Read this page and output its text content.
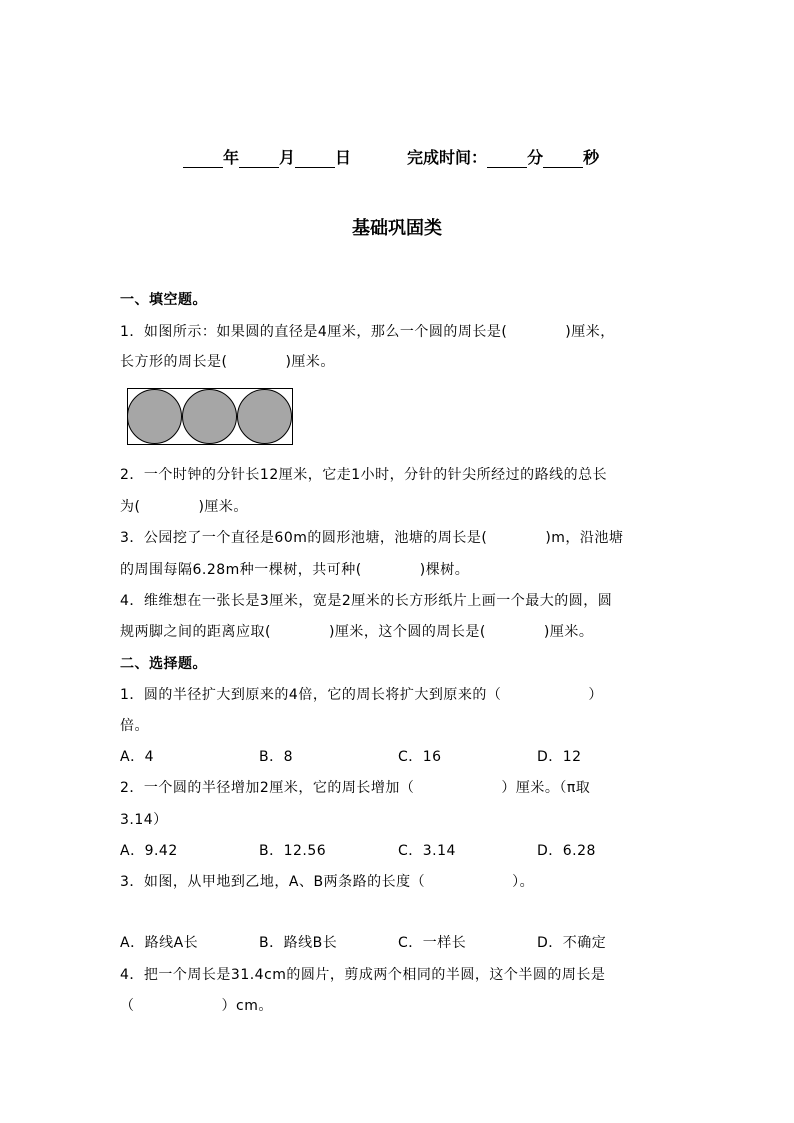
年	月	日	完成时间：	分	秒
基础巩固类
一、填空题。
1．如图所示：如果圆的直径是4厘米，那么一个圆的周长是(　　　　)厘米，
长方形的周长是(　　　　)厘米。
2．一个时钟的分针长12厘米，它走1小时，分针的针尖所经过的路线的总长
为(　　　　)厘米。
3．公园挖了一个直径是60m的圆形池塘，池塘的周长是(　　　　)m，沿池塘
的周围每隔6.28m种一棵树，共可种(　　　　)棵树。
4．维维想在一张长是3厘米，宽是2厘米的长方形纸片上画一个最大的圆，圆
规两脚之间的距离应取(　　　　)厘米，这个圆的周长是(　　　　)厘米。
二、选择题。
1．圆的半径扩大到原来的4倍，它的周长将扩大到原来的（　　　　　　）
倍。
A．4	B．8	C．16	D．12
2．一个圆的半径增加2厘米，它的周长增加（　　　　　　）厘米。（π取
3.14）
A．9.42	B．12.56	C．3.14	D．6.28
3．如图，从甲地到乙地，A、B两条路的长度（　　　　　　）。
A．路线A长	B．路线B长	C．一样长	D．不确定
4．把一个周长是31.4cm的圆片，剪成两个相同的半圆，这个半圆的周长是
（　　　　　　）cm。
